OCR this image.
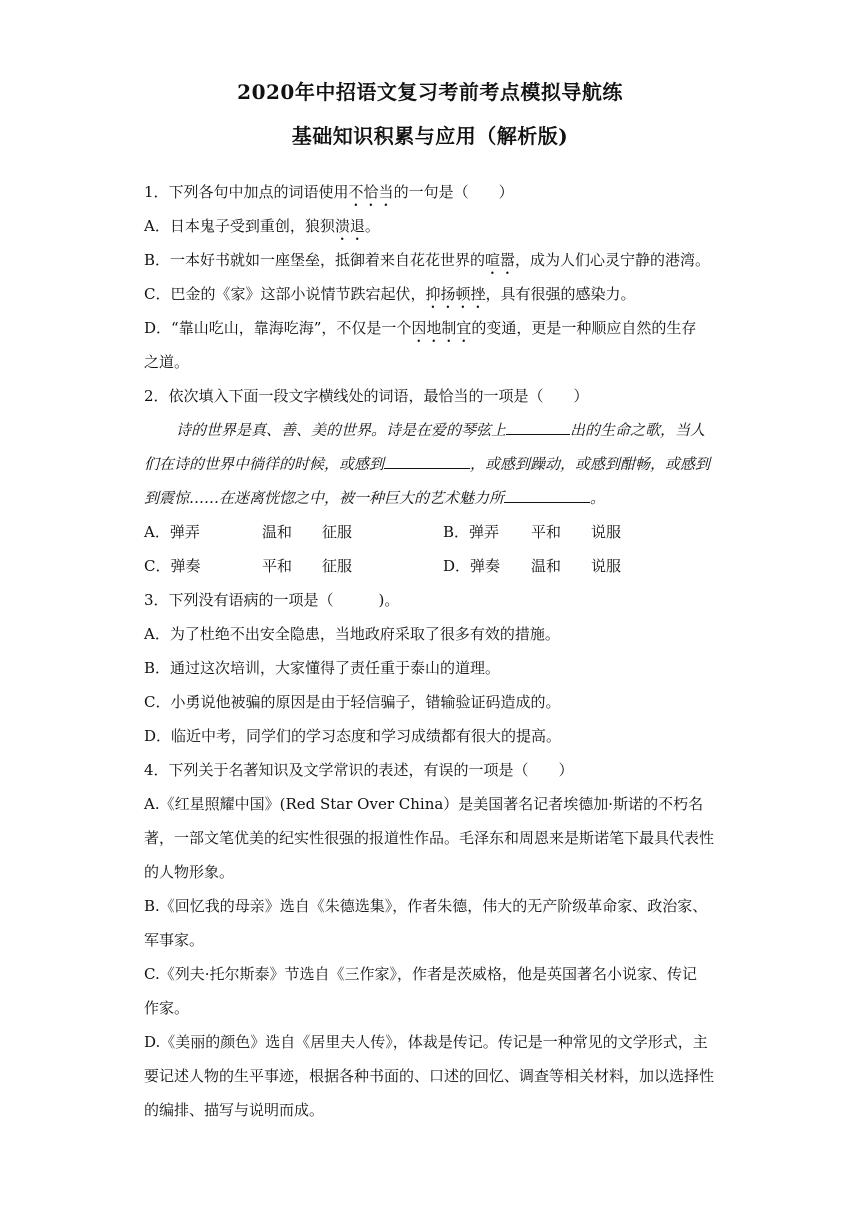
2020年中招语文复习考前考点模拟导航练
基础知识积累与应用（解析版)
1．下列各句中加点的词语使用不恰当的一句是（　　）
A．日本鬼子受到重创，狼狈溃退。
B．一本好书就如一座堡垒，抵御着来自花花世界的喧嚣，成为人们心灵宁静的港湾。
C．巴金的《家》这部小说情节跌宕起伏，抑扬顿挫，具有很强的感染力。
D．“靠山吃山，靠海吃海”，不仅是一个因地制宜的变通，更是一种顺应自然的生存
之道。
2．依次填入下面一段文字横线处的词语，最恰当的一项是（　　）
诗的世界是真、善、美的世界。诗是在爱的琴弦上	出的生命之歌，当人
们在诗的世界中徜徉的时候，或感到	，或感到躁动，或感到酣畅，或感到
到震惊……在迷离恍惚之中，被一种巨大的艺术魅力所	。
A．弹弄	温和 征服	B．弹弄 平和 说服
C．弹奏	平和 征服	D．弹奏 温和 说服
3．下列没有语病的一项是（　　　)。
A．为了杜绝不出安全隐患，当地政府采取了很多有效的措施。
B．通过这次培训，大家懂得了责任重于泰山的道理。
C．小勇说他被骗的原因是由于轻信骗子，错输验证码造成的。
D．临近中考，同学们的学习态度和学习成绩都有很大的提高。
4．下列关于名著知识及文学常识的表述，有误的一项是（　　）
A.《红星照耀中国》(Red Star Over China）是美国著名记者埃德加·斯诺的不朽名
著，一部文笔优美的纪实性很强的报道性作品。毛泽东和周恩来是斯诺笔下最具代表性
的人物形象。
B.《回忆我的母亲》选自《朱德选集》，作者朱德，伟大的无产阶级革命家、政治家、
军事家。
C.《列夫·托尔斯泰》节选自《三作家》，作者是茨威格，他是英国著名小说家、传记
作家。
D.《美丽的颜色》选自《居里夫人传》，体裁是传记。传记是一种常见的文学形式，主
要记述人物的生平事迹，根据各种书面的、口述的回忆、调查等相关材料，加以选择性
的编排、描写与说明而成。
